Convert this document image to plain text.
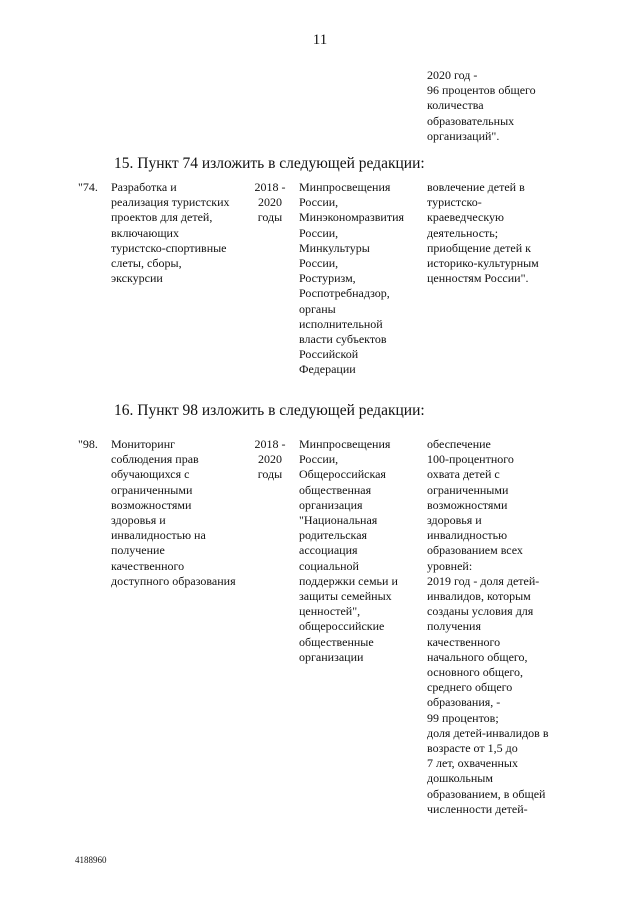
11
2020 год -
96 процентов общего
количества
образовательных
организаций".
15. Пункт 74 изложить в следующей редакции:
"74. Разработка и
реализация туристских
проектов для детей,
включающих
туристско-спортивные
слеты, сборы,
экскурсии
2018 -
2020
годы
Минпросвещения
России,
Минэкономразвития
России,
Минкультуры
России,
Ростуризм,
Роспотребнадзор,
органы
исполнительной
власти субъектов
Российской
Федерации
вовлечение детей в
туристско-
краеведческую
деятельность;
приобщение детей к
историко-культурным
ценностям России".
16. Пункт 98 изложить в следующей редакции:
"98. Мониторинг
соблюдения прав
обучающихся с
ограниченными
возможностями
здоровья и
инвалидностью на
получение
качественного
доступного образования
2018 -
2020
годы
Минпросвещения
России,
Общероссийская
общественная
организация
"Национальная
родительская
ассоциация
социальной
поддержки семьи и
защиты семейных
ценностей",
общероссийские
общественные
организации
обеспечение
100-процентного
охвата детей с
ограниченными
возможностями
здоровья и
инвалидностью
образованием всех
уровней:
2019 год - доля детей-
инвалидов, которым
созданы условия для
получения
качественного
начального общего,
основного общего,
среднего общего
образования, -
99 процентов;
доля детей-инвалидов в
возрасте от 1,5 до
7 лет, охваченных
дошкольным
образованием, в общей
численности детей-
4188960
